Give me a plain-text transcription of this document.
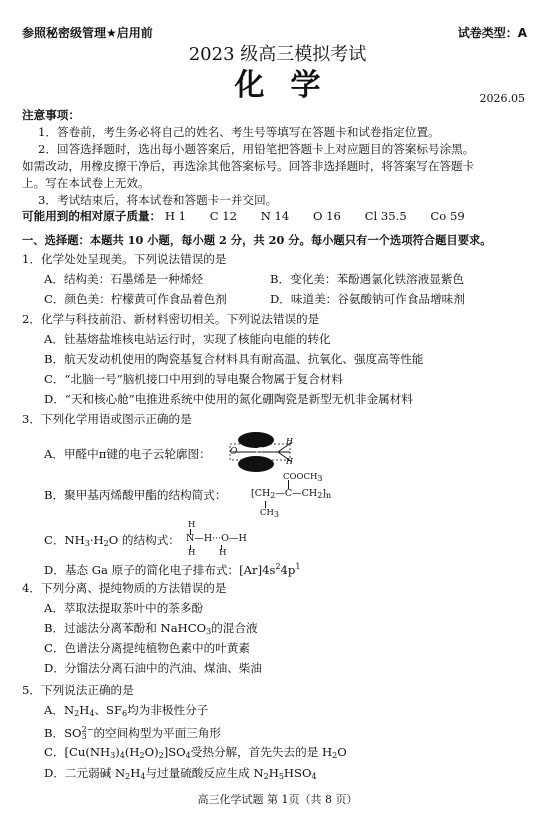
参照秘密级管理★启用前	试卷类型：A
2023 级高三模拟考试
化学	2026.05
注意事项：
1．答卷前，考生务必将自己的姓名、考生号等填写在答题卡和试卷指定位置。
2．回答选择题时，选出每小题答案后，用铅笔把答题卡上对应题目的答案标号涂黑。
如需改动，用橡皮擦干净后，再选涂其他答案标号。回答非选择题时，将答案写在答题卡
上。写在本试卷上无效。
3．考试结束后，将本试卷和答题卡一并交回。
可能用到的相对原子质量： H 1 C 12 N 14 O 16 Cl 35.5 Co 59
一、选择题：本题共 10 小题，每小题 2 分，共 20 分。每小题只有一个选项符合题目要求。
1．化学处处呈现美。下列说法错误的是
A．结构美：石墨烯是一种烯烃	B．变化美：苯酚遇氯化铁溶液显紫色
C．颜色美：柠檬黄可作食品着色剂	D．味道美：谷氨酸钠可作食品增味剂
2．化学与科技前沿、新材料密切相关。下列说法错误的是
A．钍基熔盐堆核电站运行时，实现了核能向电能的转化
B．航天发动机使用的陶瓷基复合材料具有耐高温、抗氧化、强度高等性能
C．“北脑一号”脑机接口中用到的导电聚合物属于复合材料
D．“天和核心舱”电推进系统中使用的氮化硼陶瓷是新型无机非金属材料
3．下列化学用语或图示正确的是
A．甲醛中π键的电子云轮廓图： O C
H
H
B．聚甲基丙烯酸甲酯的结构简式：
$COOCH_3$
$[CH_2—C—CH_2]_n$
$CH_3$
C．$NH_3\cdot H_2O$ 的结构式：
H
N—H···O—H
H	H
D．基态 Ga 原子的简化电子排布式：$[Ar]4s^24p^1$
4．下列分离、提纯物质的方法错误的是
A．萃取法提取茶叶中的茶多酚
B．过滤法分离苯酚和 NaHCO$_3$的混合液
C．色谱法分离提纯植物色素中的叶黄素
D．分馏法分离石油中的汽油、煤油、柴油
5．下列说法正确的是
A．$N_2H_4$、$SF_6$均为非极性分子
B．$SO_3^{2-}$的空间构型为平面三角形
C．$[Cu(NH_3)_4(H_2O)_2]SO_4$受热分解，首先失去的是 $H_2O$
D．二元弱碱 $N_2H_4$与过量硫酸反应生成 $N_2H_5HSO_4$
高三化学试题 第 1页（共 8 页）
